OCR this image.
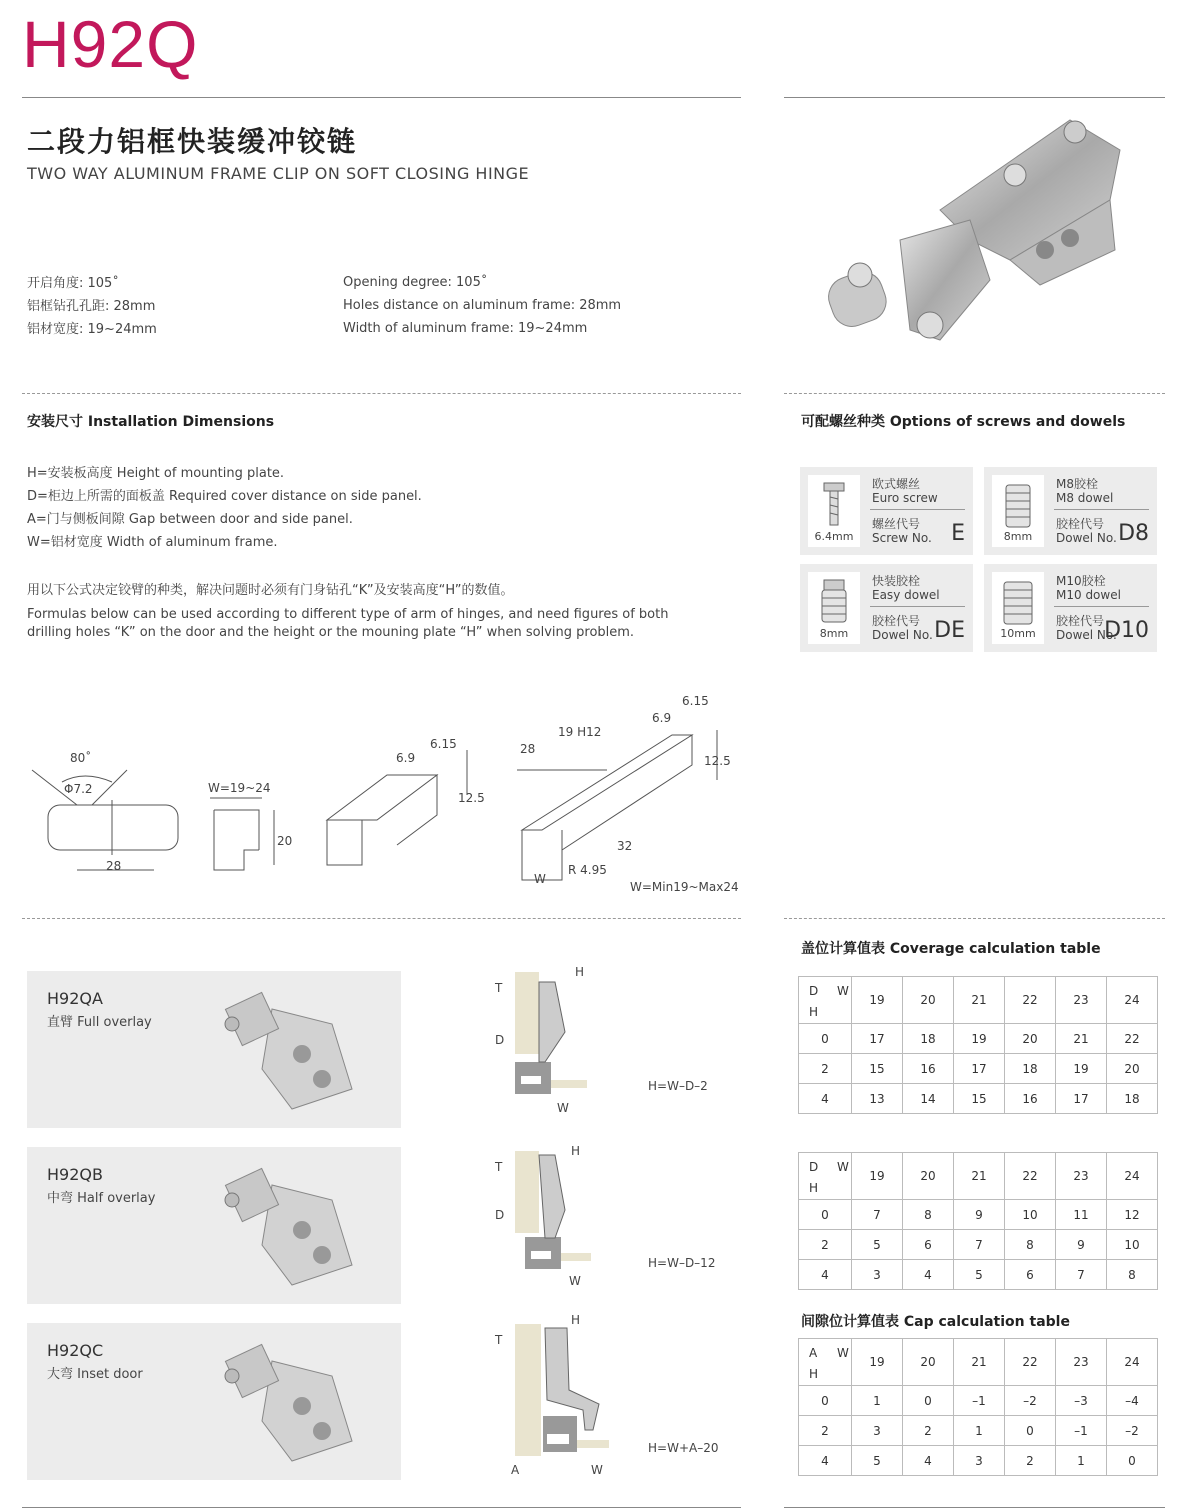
H92Q
二段力铝框快装缓冲铰链
TWO WAY ALUMINUM FRAME CLIP ON SOFT CLOSING HINGE
开启角度: 105˚
铝框钻孔孔距: 28mm
铝材宽度: 19~24mm
Opening degree: 105˚
Holes distance on aluminum frame: 28mm
Width of aluminum frame: 19~24mm
安装尺寸 Installation Dimensions
H=安装板高度 Height of mounting plate.
D=柜边上所需的面板盖 Required cover distance on side panel.
A=门与侧板间隙 Gap between door and side panel.
W=铝材宽度 Width of aluminum frame.
用以下公式决定铰臂的种类，解决问题时必须有门身钻孔“K”及安装高度“H”的数值。
Formulas below can be used according to different type of arm of hinges, and need figures of both
drilling holes “K” on the door and the height or the mouning plate “H” when solving problem.
80˚
Φ7.2
28
W=19~24
20
6.9
6.15
12.5
28
19 H12
6.9
6.15
12.5
32
R 4.95
W
W=Min19~Max24
可配螺丝种类 Options of screws and dowels
6.4mm
欧式螺丝
Euro screw
螺丝代号
Screw No. E	8mm
M8胶栓
M8 dowel
胶栓代号
Dowel No. D8
8mm
快装胶栓
Easy dowel
胶栓代号
Dowel No. DE	10mm
M10胶栓
M10 dowel
胶栓代号
Dowel No.
D10
H92QA
直臂 Full overlay
H92QB
中弯 Half overlay
H92QC
大弯 Inset door
T
D
H
W
T
D
H
W
T
H
A	W
H=W–D–2
H=W–D–12
H=W+A–20
盖位计算值表 Coverage calculation table
D W
H	19	20	21	22	23	24
0	17	18	19	20	21	22
2	15	16	17	18	19	20
4	13	14	15	16	17	18
D W
H	19	20	21	22	23	24
0	7	8	9	10	11	12
2	5	6	7	8	9	10
4	3	4	5	6	7	8
间隙位计算值表 Cap calculation table
A W
H	19	20	21	22	23	24
0	1	0	–1	–2	–3	–4
2	3	2	1	0	–1	–2
4	5	4	3	2	1	0
